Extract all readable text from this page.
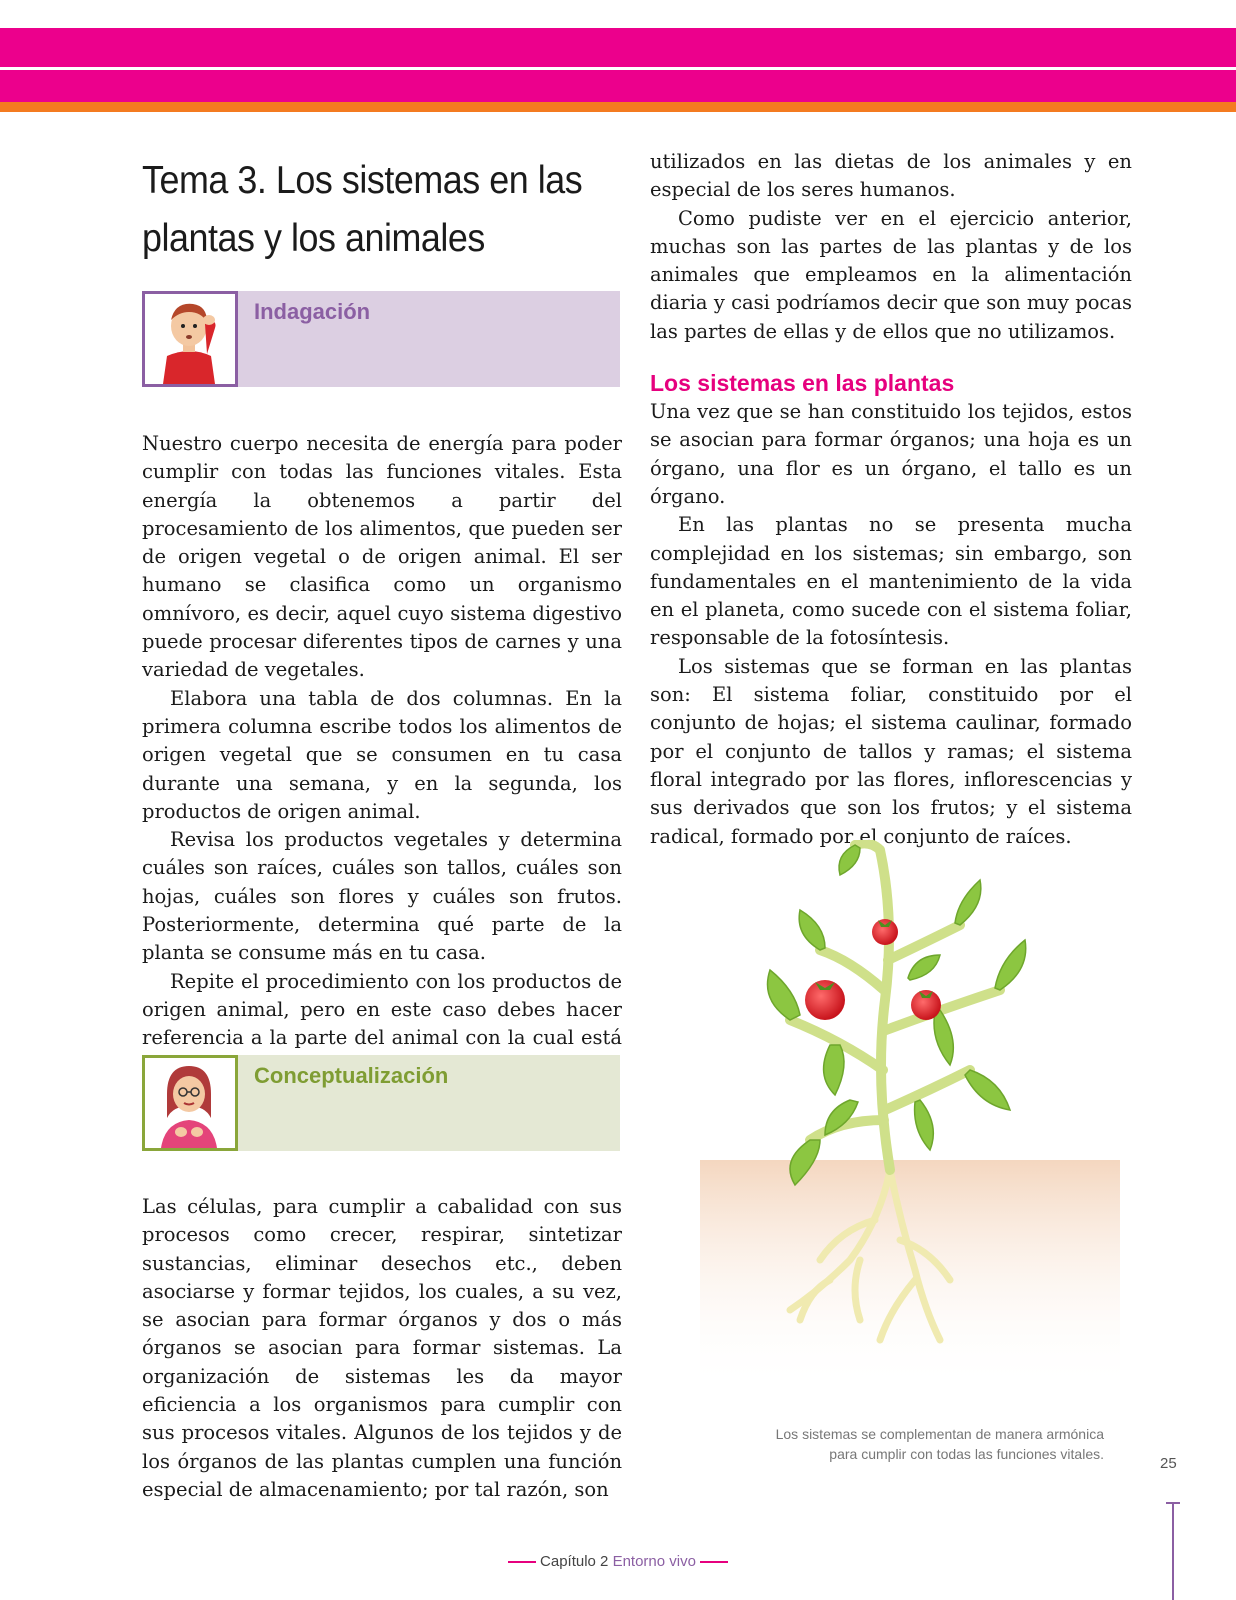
Tema 3. Los sistemas en las plantas y los animales
Indagación

Nuestro cuerpo necesita de energía para poder cumplir con todas las funciones vitales. Esta energía la obtenemos a partir del procesamiento de los alimentos, que pueden ser de origen vegetal o de origen animal. El ser humano se clasifica como un organismo omnívoro, es decir, aquel cuyo sistema digestivo puede procesar diferentes tipos de carnes y una variedad de vegetales.

Elabora una tabla de dos columnas. En la primera columna escribe todos los alimentos de origen vegetal que se consumen en tu casa durante una semana, y en la segunda, los productos de origen animal.

Revisa los productos vegetales y determina cuáles son raíces, cuáles son tallos, cuáles son hojas, cuáles son flores y cuáles son frutos. Posteriormente, determina qué parte de la planta se consume más en tu casa.

Repite el procedimiento con los productos de origen animal, pero en este caso debes hacer referencia a la parte del animal con la cual está

Conceptualización

Las células, para cumplir a cabalidad con sus procesos como crecer, respirar, sintetizar sustancias, eliminar desechos etc., deben asociarse y formar tejidos, los cuales, a su vez, se asocian para formar órganos y dos o más órganos se asocian para formar sistemas. La organización de sistemas les da mayor eficiencia a los organismos para cumplir con sus procesos vitales. Algunos de los tejidos y de los órganos de las plantas cumplen una función especial de almacenamiento; por tal razón, son

utilizados en las dietas de los animales y en especial de los seres humanos.

Como pudiste ver en el ejercicio anterior, muchas son las partes de las plantas y de los animales que empleamos en la alimentación diaria y casi podríamos decir que son muy pocas las partes de ellas y de ellos que no utilizamos.

Los sistemas en las plantas

Una vez que se han constituido los tejidos, estos se asocian para formar órganos; una hoja es un órgano, una flor es un órgano, el tallo es un órgano.

En las plantas no se presenta mucha complejidad en los sistemas; sin embargo, son fundamentales en el mantenimiento de la vida en el planeta, como sucede con el sistema foliar, responsable de la fotosíntesis.

Los sistemas que se forman en las plantas son: El sistema foliar, constituido por el conjunto de hojas; el sistema caulinar, formado por el conjunto de tallos y ramas; el sistema floral integrado por las flores, inflorescencias y sus derivados que son los frutos; y el sistema radical, formado por el conjunto de raíces.

Los sistemas se complementan de manera armónica
para cumplir con todas las funciones vitales.
25
Capítulo 2 Entorno vivo
